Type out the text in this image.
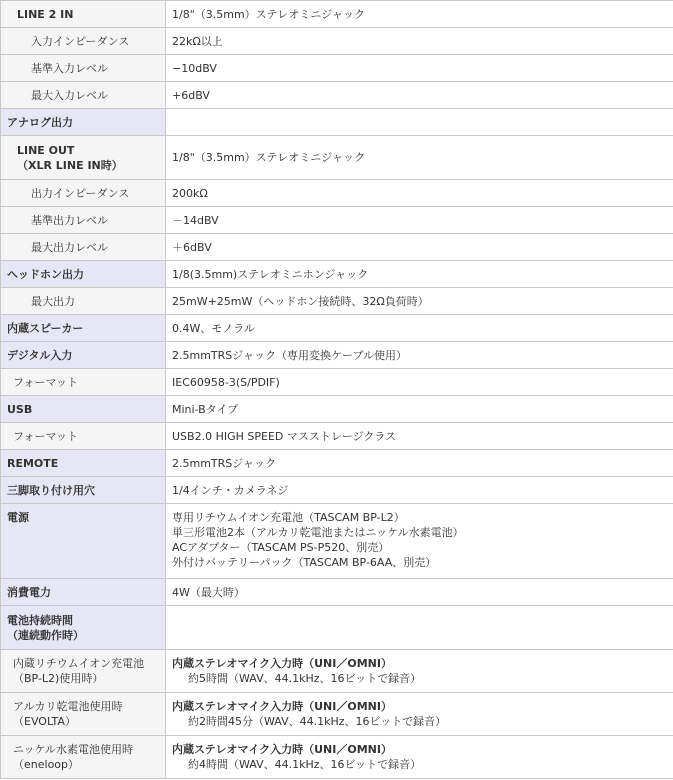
LINE 2 IN	1/8"（3.5mm）ステレオミニジャック
入力インピーダンス	22kΩ以上
基準入力レベル	−10dBV
最大入力レベル	+6dBV
アナログ出力	

LINE OUT
（XLR LINE IN時）	1/8"（3.5mm）ステレオミニジャック
出力インピーダンス	200kΩ
基準出力レベル	－14dBV
最大出力レベル	＋6dBV
ヘッドホン出力	1/8(3.5mm)ステレオミニホンジャック
最大出力	25mW+25mW（ヘッドホン接続時、32Ω負荷時）
内蔵スピーカー	0.4W、モノラル
デジタル入力	2.5mmTRSジャック（専用変換ケーブル使用）
フォーマット	IEC60958-3(S/PDIF)
USB	Mini-Bタイプ
フォーマット	USB2.0 HIGH SPEED マスストレージクラス
REMOTE	2.5mmTRSジャック
三脚取り付け用穴	1/4インチ・カメラネジ
電源	専用リチウムイオン充電池（TASCAM BP-L2）
単三形電池2本（アルカリ乾電池またはニッケル水素電池）
ACアダプター（TASCAM PS-P520、別売）
外付けバッテリーパック（TASCAM BP-6AA、別売）

消費電力	4W（最大時）

電池持続時間
（連続動作時）	

内蔵リチウムイオン充電池
（BP-L2)使用時）	内蔵ステレオマイク入力時（UNI／OMNI）
約5時間（WAV、44.1kHz、16ビットで録音）

アルカリ乾電池使用時
（EVOLTA）	内蔵ステレオマイク入力時（UNI／OMNI）
約2時間45分（WAV、44.1kHz、16ビットで録音）

ニッケル水素電池使用時
（eneloop）	内蔵ステレオマイク入力時（UNI／OMNI）
約4時間（WAV、44.1kHz、16ビットで録音）
